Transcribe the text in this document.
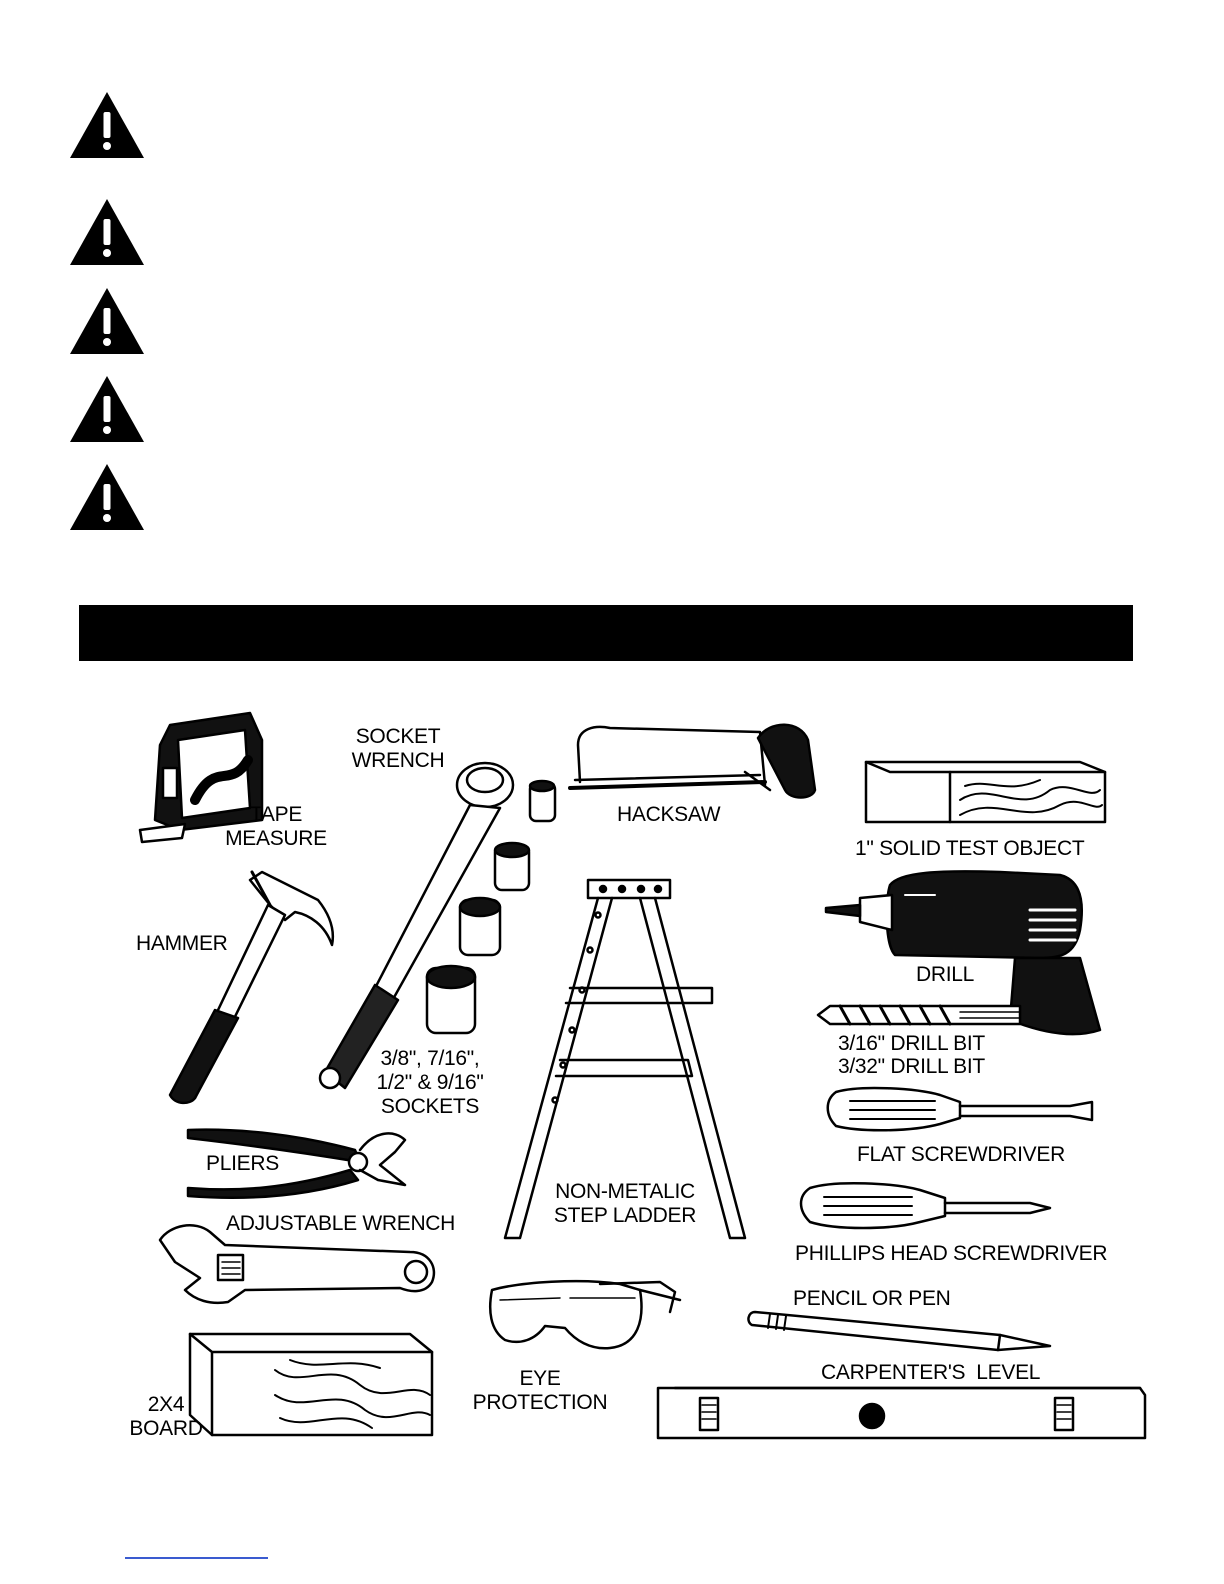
TAPE
MEASURE
SOCKET
WRENCH
HACKSAW
1" SOLID TEST OBJECT
HAMMER
DRILL
3/8", 7/16",
1/2" & 9/16"
SOCKETS
3/16" DRILL BIT
3/32" DRILL BIT
PLIERS	FLAT SCREWDRIVER
NON-METALIC
STEP LADDER
ADJUSTABLE WRENCH
PHILLIPS HEAD SCREWDRIVER
PENCIL OR PEN
EYE
PROTECTION
CARPENTER'S  LEVEL
2X4
BOARD
